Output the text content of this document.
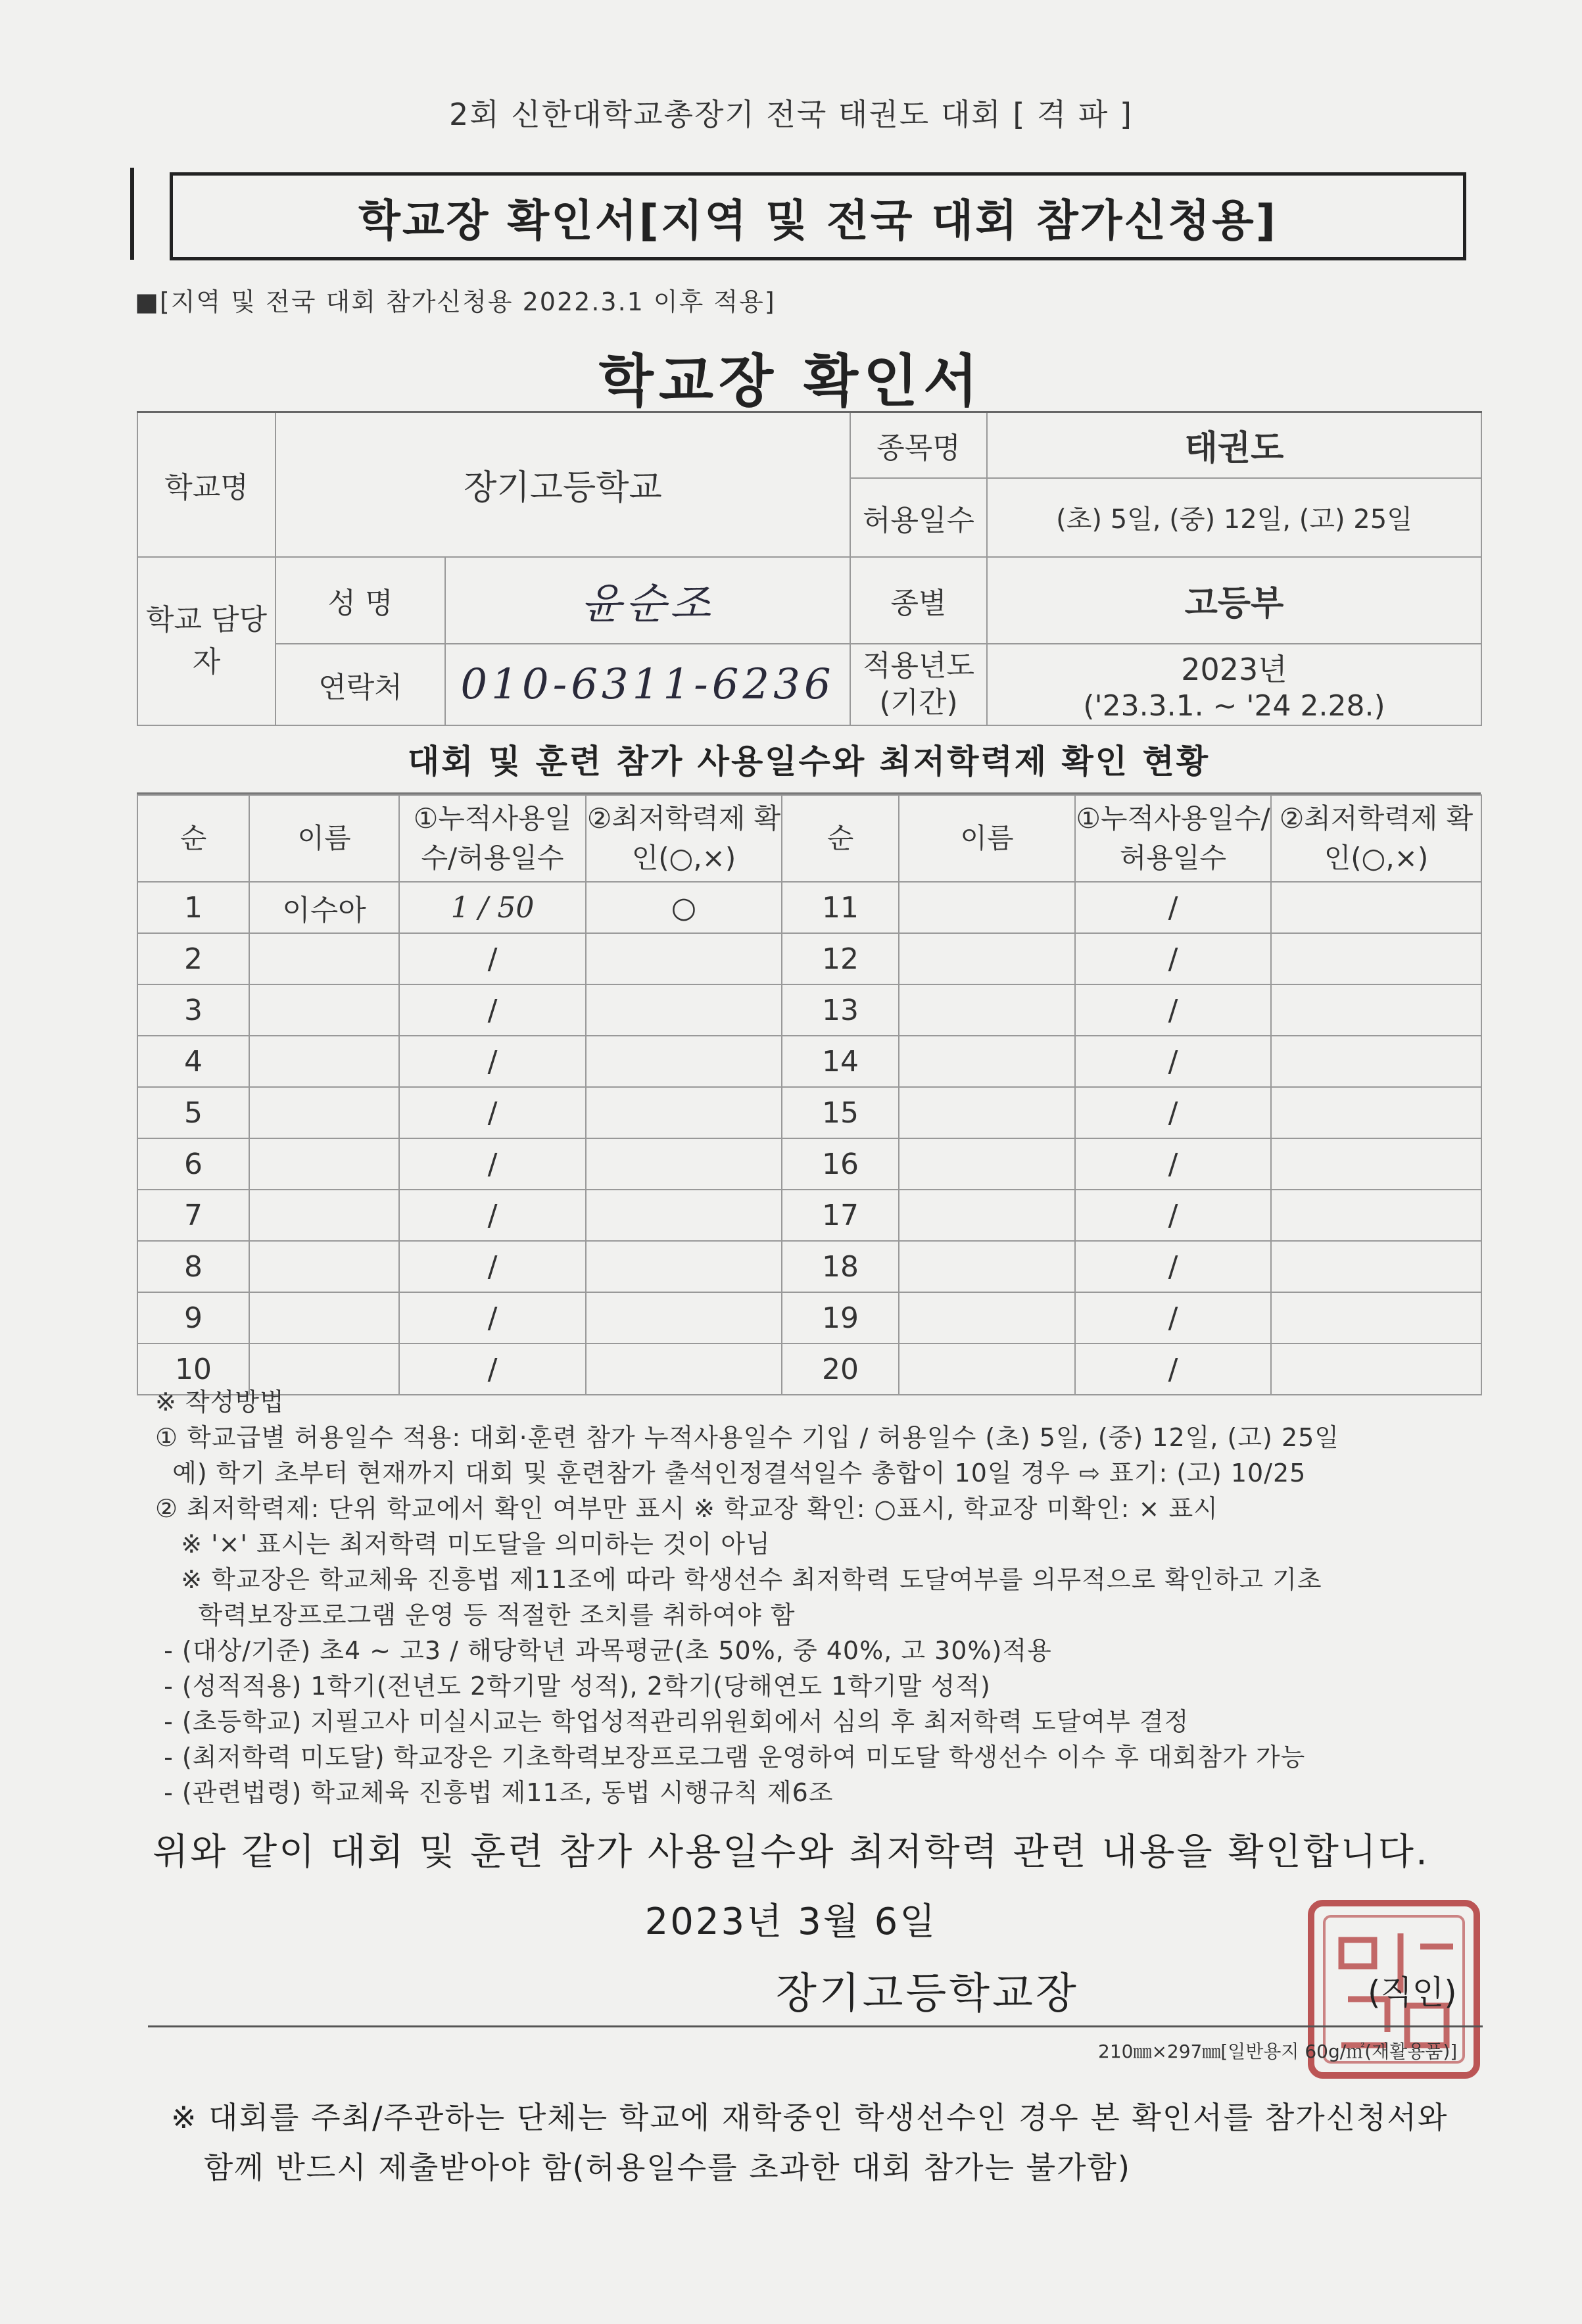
2회 신한대학교총장기 전국 태권도 대회 [ 격 파 ]
학교장 확인서[지역 및 전국 대회 참가신청용]
■[지역 및 전국 대회 참가신청용 2022.3.1 이후 적용]
학교장 확인서
학교명	장기고등학교		종목명	태권도
			허용일수	(초) 5일, (중) 12일, (고) 25일
학교 담당자	성 명	윤순조	종별	고등부
	연락처	010-6311-6236	적용년도 (기간)	2023년
('23.3.1. ~ '24 2.28.)
대회 및 훈련 참가 사용일수와 최저학력제 확인 현황
순	이름	①누적사용일수/허용일수	②최저학력제 확인(○,×)	순	이름	①누적사용일수/허용일수	②최저학력제 확인(○,×)
1	이수아	1 / 50	○	11		/	
2		/		12		/	
3		/		13		/	
4		/		14		/	
5		/		15		/	
6		/		16		/	
7		/		17		/	
8		/		18		/	
9		/		19		/	
10		/		20		/	
※ 작성방법
① 학교급별 허용일수 적용: 대회·훈련 참가 누적사용일수 기입 / 허용일수 (초) 5일, (중) 12일, (고) 25일
예) 학기 초부터 현재까지 대회 및 훈련참가 출석인정결석일수 총합이 10일 경우 ⇨ 표기: (고) 10/25
② 최저학력제: 단위 학교에서 확인 여부만 표시 ※ 학교장 확인: ○표시, 학교장 미확인: × 표시
※ '×' 표시는 최저학력 미도달을 의미하는 것이 아님
※ 학교장은 학교체육 진흥법 제11조에 따라 학생선수 최저학력 도달여부를 의무적으로 확인하고 기초
학력보장프로그램 운영 등 적절한 조치를 취하여야 함
- (대상/기준) 초4 ~ 고3 / 해당학년 과목평균(초 50%, 중 40%, 고 30%)적용
- (성적적용) 1학기(전년도 2학기말 성적), 2학기(당해연도 1학기말 성적)
- (초등학교) 지필고사 미실시교는 학업성적관리위원회에서 심의 후 최저학력 도달여부 결정
- (최저학력 미도달) 학교장은 기초학력보장프로그램 운영하여 미도달 학생선수 이수 후 대회참가 가능
- (관련법령) 학교체육 진흥법 제11조, 동법 시행규칙 제6조
위와 같이 대회 및 훈련 참가 사용일수와 최저학력 관련 내용을 확인합니다.
2023년 3월 6일
장기고등학교장	(직인)
210㎜×297㎜[일반용지 60g/㎡(재활용품)]
※ 대회를 주최/주관하는 단체는 학교에 재학중인 학생선수인 경우 본 확인서를 참가신청서와
함께 반드시 제출받아야 함(허용일수를 초과한 대회 참가는 불가함)
